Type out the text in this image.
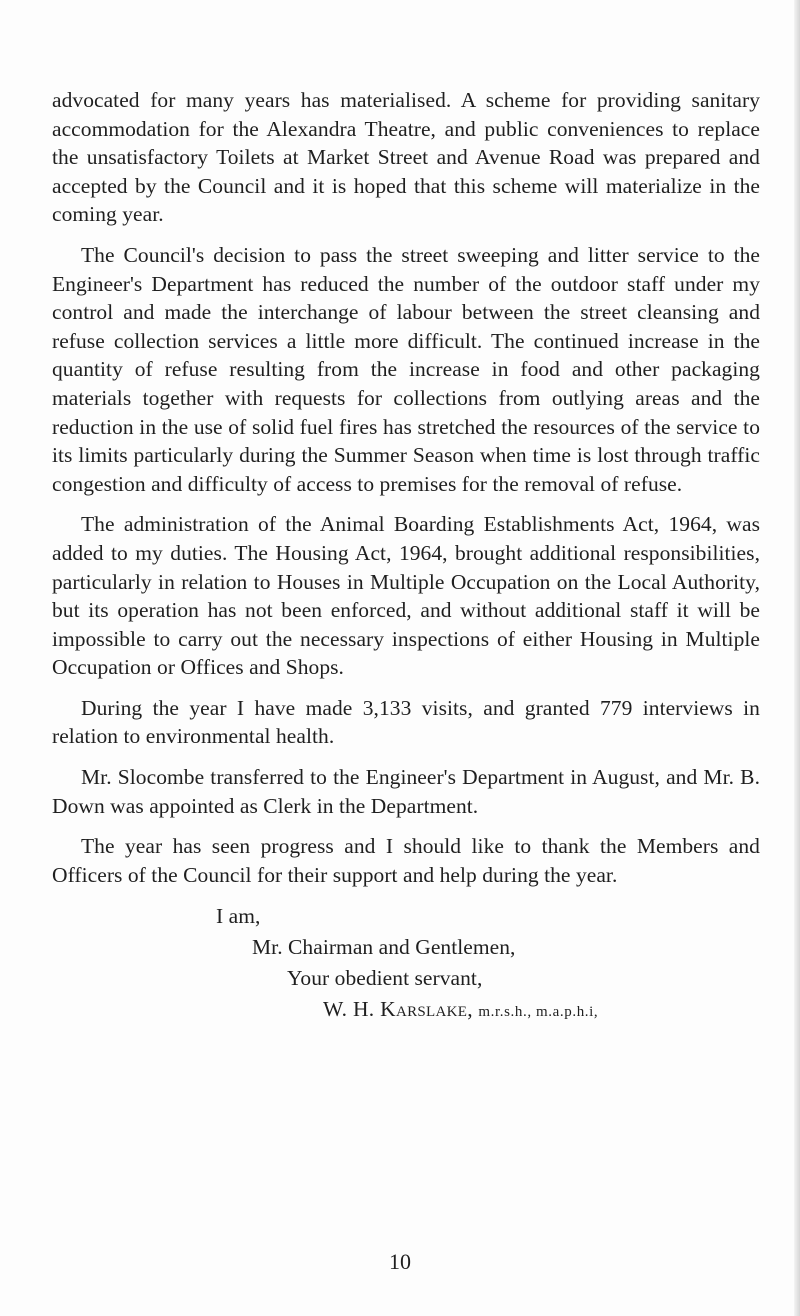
advocated for many years has materialised. A scheme for providing sanitary accommodation for the Alexandra Theatre, and public conveniences to replace the unsatisfactory Toilets at Market Street and Avenue Road was prepared and accepted by the Council and it is hoped that this scheme will materialize in the coming year.

The Council's decision to pass the street sweeping and litter service to the Engineer's Department has reduced the number of the outdoor staff under my control and made the interchange of labour between the street cleansing and refuse collection services a little more difficult. The continued increase in the quantity of refuse resulting from the increase in food and other packaging materials together with requests for collections from outlying areas and the reduction in the use of solid fuel fires has stretched the resources of the service to its limits particularly during the Summer Season when time is lost through traffic congestion and difficulty of access to premises for the removal of refuse.

The administration of the Animal Boarding Establishments Act, 1964, was added to my duties. The Housing Act, 1964, brought additional responsibilities, particularly in relation to Houses in Multiple Occupation on the Local Authority, but its operation has not been enforced, and without additional staff it will be impossible to carry out the necessary inspections of either Housing in Multiple Occupation or Offices and Shops.

During the year I have made 3,133 visits, and granted 779 interviews in relation to environmental health.

Mr. Slocombe transferred to the Engineer's Department in August, and Mr. B. Down was appointed as Clerk in the Department.

The year has seen progress and I should like to thank the Members and Officers of the Council for their support and help during the year.

I am,
Mr. Chairman and Gentlemen,
Your obedient servant,
W. H. Karslake, m.r.s.h., m.a.p.h.i,
10
